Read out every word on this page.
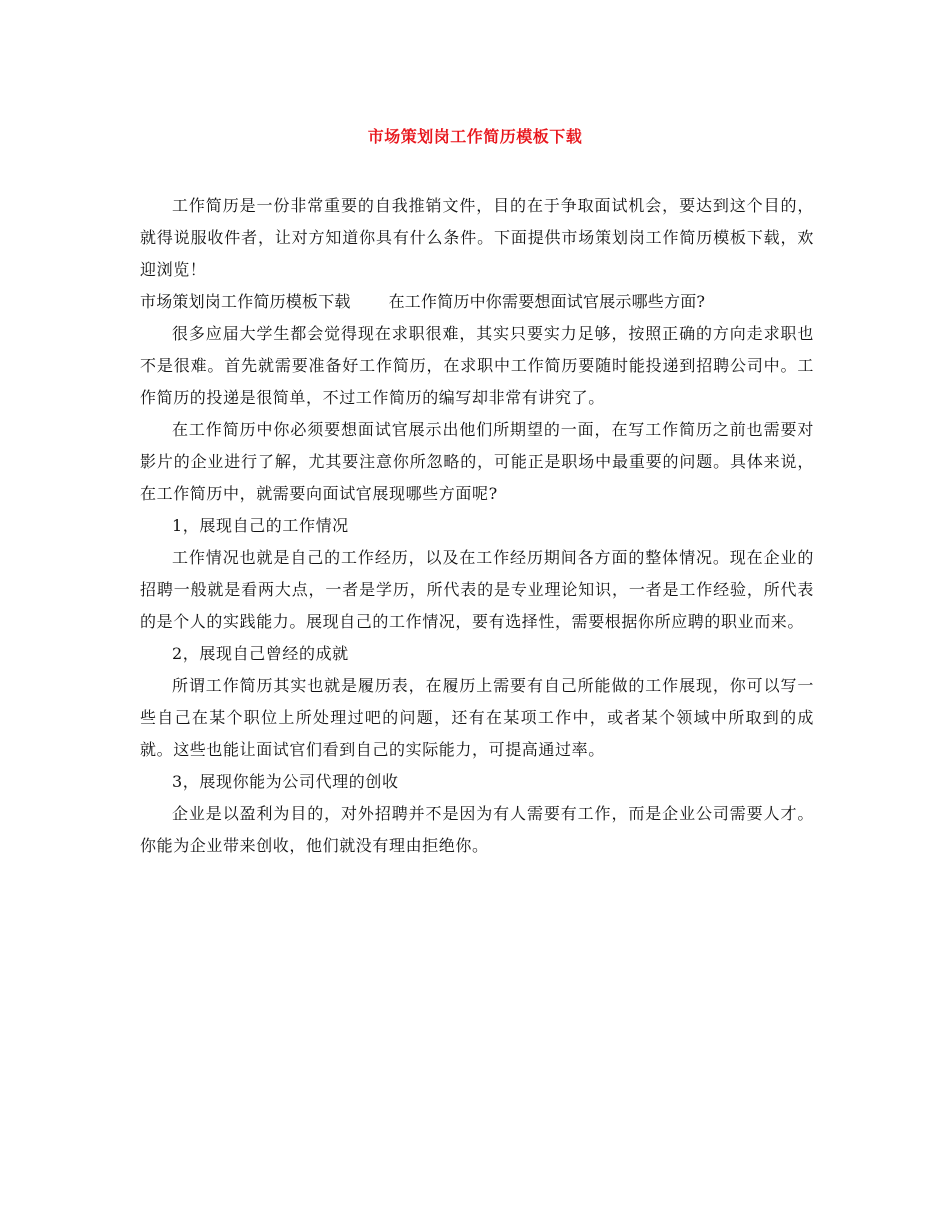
市场策划岗工作简历模板下载

工作简历是一份非常重要的自我推销文件，目的在于争取面试机会，要达到这个目的，就得说服收件者，让对方知道你具有什么条件。下面提供市场策划岗工作简历模板下载，欢迎浏览！

市场策划岗工作简历模板下载 在工作简历中你需要想面试官展示哪些方面?

很多应届大学生都会觉得现在求职很难，其实只要实力足够，按照正确的方向走求职也不是很难。首先就需要准备好工作简历，在求职中工作简历要随时能投递到招聘公司中。工作简历的投递是很简单，不过工作简历的编写却非常有讲究了。

在工作简历中你必须要想面试官展示出他们所期望的一面，在写工作简历之前也需要对影片的企业进行了解，尤其要注意你所忽略的，可能正是职场中最重要的问题。具体来说，在工作简历中，就需要向面试官展现哪些方面呢?

1，展现自己的工作情况

工作情况也就是自己的工作经历，以及在工作经历期间各方面的整体情况。现在企业的招聘一般就是看两大点，一者是学历，所代表的是专业理论知识，一者是工作经验，所代表的是个人的实践能力。展现自己的工作情况，要有选择性，需要根据你所应聘的职业而来。

2，展现自己曾经的成就

所谓工作简历其实也就是履历表，在履历上需要有自己所能做的工作展现，你可以写一些自己在某个职位上所处理过吧的问题，还有在某项工作中，或者某个领域中所取到的成就。这些也能让面试官们看到自己的实际能力，可提高通过率。

3，展现你能为公司代理的创收

企业是以盈利为目的，对外招聘并不是因为有人需要有工作，而是企业公司需要人才。你能为企业带来创收，他们就没有理由拒绝你。
